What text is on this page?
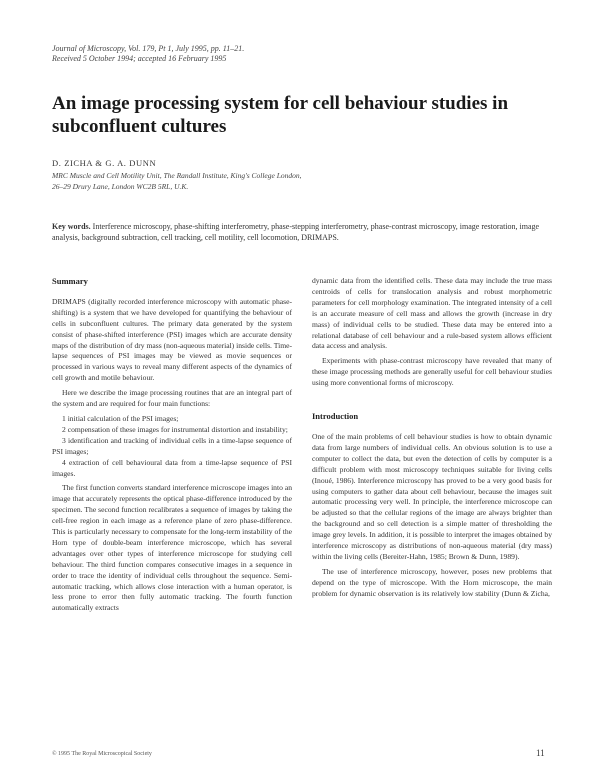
Journal of Microscopy, Vol. 179, Pt 1, July 1995, pp. 11–21.
Received 5 October 1994; accepted 16 February 1995
An image processing system for cell behaviour studies in subconfluent cultures
D. ZICHA & G. A. DUNN
MRC Muscle and Cell Motility Unit, The Randall Institute, King's College London,
26–29 Drury Lane, London WC2B 5RL, U.K.
Key words. Interference microscopy, phase-shifting interferometry, phase-stepping interferometry, phase-contrast microscopy, image restoration, image analysis, background subtraction, cell tracking, cell motility, cell locomotion, DRIMAPS.
Summary

DRIMAPS (digitally recorded interference microscopy with automatic phase-shifting) is a system that we have developed for quantifying the behaviour of cells in subconfluent cultures. The primary data generated by the system consist of phase-shifted interference (PSI) images which are accurate density maps of the distribution of dry mass (non-aqueous material) inside cells. Time-lapse sequences of PSI images may be viewed as movie sequences or processed in various ways to reveal many different aspects of the dynamics of cell growth and motile behaviour.

Here we describe the image processing routines that are an integral part of the system and are required for four main functions:

1 initial calculation of the PSI images;
2 compensation of these images for instrumental distortion and instability;
3 identification and tracking of individual cells in a time-lapse sequence of PSI images;
4 extraction of cell behavioural data from a time-lapse sequence of PSI images.

The first function converts standard interference microscope images into an image that accurately represents the optical phase-difference introduced by the specimen. The second function recalibrates a sequence of images by taking the cell-free region in each image as a reference plane of zero phase-difference. This is particularly necessary to compensate for the long-term instability of the Horn type of double-beam interference microscope, which has several advantages over other types of interference microscope for studying cell behaviour. The third function compares consecutive images in a sequence in order to trace the identity of individual cells throughout the sequence. Semi-automatic tracking, which allows close interaction with a human operator, is less prone to error then fully automatic tracking. The fourth function automatically extracts

dynamic data from the identified cells. These data may include the true mass centroids of cells for translocation analysis and robust morphometric parameters for cell morphology examination. The integrated intensity of a cell is an accurate measure of cell mass and allows the growth (increase in dry mass) of individual cells to be studied. These data may be entered into a relational database of cell behaviour and a rule-based system allows efficient data access and analysis.

Experiments with phase-contrast microscopy have revealed that many of these image processing methods are generally useful for cell behaviour studies using more conventional forms of microscopy.

Introduction

One of the main problems of cell behaviour studies is how to obtain dynamic data from large numbers of individual cells. An obvious solution is to use a computer to collect the data, but even the detection of cells by computer is a difficult problem with most microscopy techniques suitable for living cells (Inoué, 1986). Interference microscopy has proved to be a very good basis for using computers to gather data about cell behaviour, because the images suit automatic processing very well. In principle, the interference microscope can be adjusted so that the cellular regions of the image are always brighter than the background and so cell detection is a simple matter of thresholding the image grey levels. In addition, it is possible to interpret the images obtained by interference microscopy as distributions of non-aqueous material (dry mass) within the living cells (Bereiter-Hahn, 1985; Brown & Dunn, 1989).

The use of interference microscopy, however, poses new problems that depend on the type of microscope. With the Horn microscope, the main problem for dynamic observation is its relatively low stability (Dunn & Zicha,

© 1995 The Royal Microscopical Society	11
